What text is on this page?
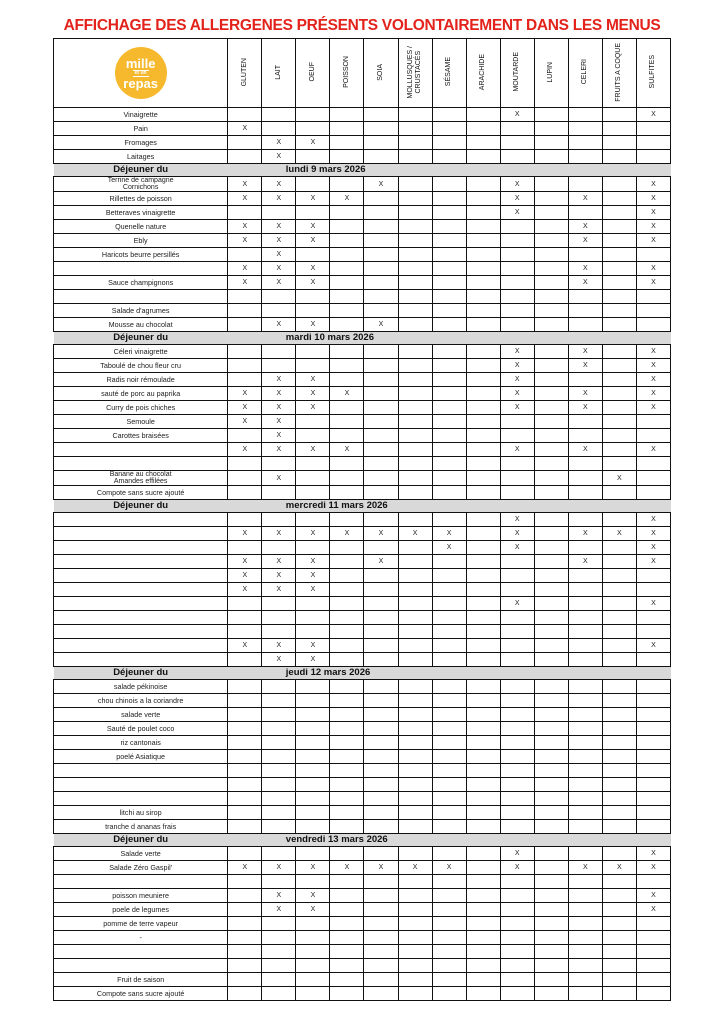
AFFICHAGE DES ALLERGENES PRÉSENTS VOLONTAIREMENT DANS LES MENUS
mille
et un
repas	GLUTEN	LAIT	OEUF	POISSON	SOIA	MOLLUSQUES /
CRUSTACÉS	SÉSAME	ARACHIDE	MOUTARDE	LUPIN	CELERI	FRUITS A COQUE	SULFITES
Vinaigrette									X				X
Pain	X												
Fromages		X	X										
Laitages		X											
Déjeuner du	lundi 9 mars 2026												
Terrine de campagne
Cornichons	X	X			X				X				X
Rillettes de poisson	X	X	X	X					X		X		X
Betteraves vinaigrette									X				X
Quenelle nature	X	X	X								X		X
Ebly	X	X	X								X		X
Haricots beurre persillés		X											
	X	X	X								X		X
Sauce champignons	X	X	X								X		X

Salade d'agrumes													
Mousse au chocolat		X	X		X								
Déjeuner du	mardi 10 mars 2026												
Céleri vinaigrette									X		X		X
Taboulé de chou fleur cru									X		X		X
Radis noir rémoulade		X	X						X				X
sauté de porc au paprika	X	X	X	X					X		X		X
Curry de pois chiches	X	X	X						X		X		X
Semoule	X	X											
Carottes braisées		X											
	X	X	X	X					X		X		X

Banane au chocolat
Amandes effilées		X										X	
Compote sans sucre ajouté													
Déjeuner du	mercredi 11 mars 2026												
									X				X
	X	X	X	X	X	X	X		X		X	X	X
							X		X				X
	X	X	X		X						X		X
	X	X	X										
	X	X	X										
									X				X

	X	X	X										X
		X	X										
Déjeuner du	jeudi 12 mars 2026												
salade pékinoise													
chou chinois a la coriandre													
salade verte													
Sauté de poulet coco													
riz cantonais													
poelé Asiatique													

litchi au sirop													
tranche d ananas frais													
Déjeuner du	vendredi 13 mars 2026												
Salade verte									X				X
Salade Zéro Gaspil'	X	X	X	X	X	X	X		X		X	X	X

poisson meuniere		X	X										X
poele de legumes		X	X										X
pomme de terre vapeur													
-													

Fruit de saison													
Compote sans sucre ajouté													
